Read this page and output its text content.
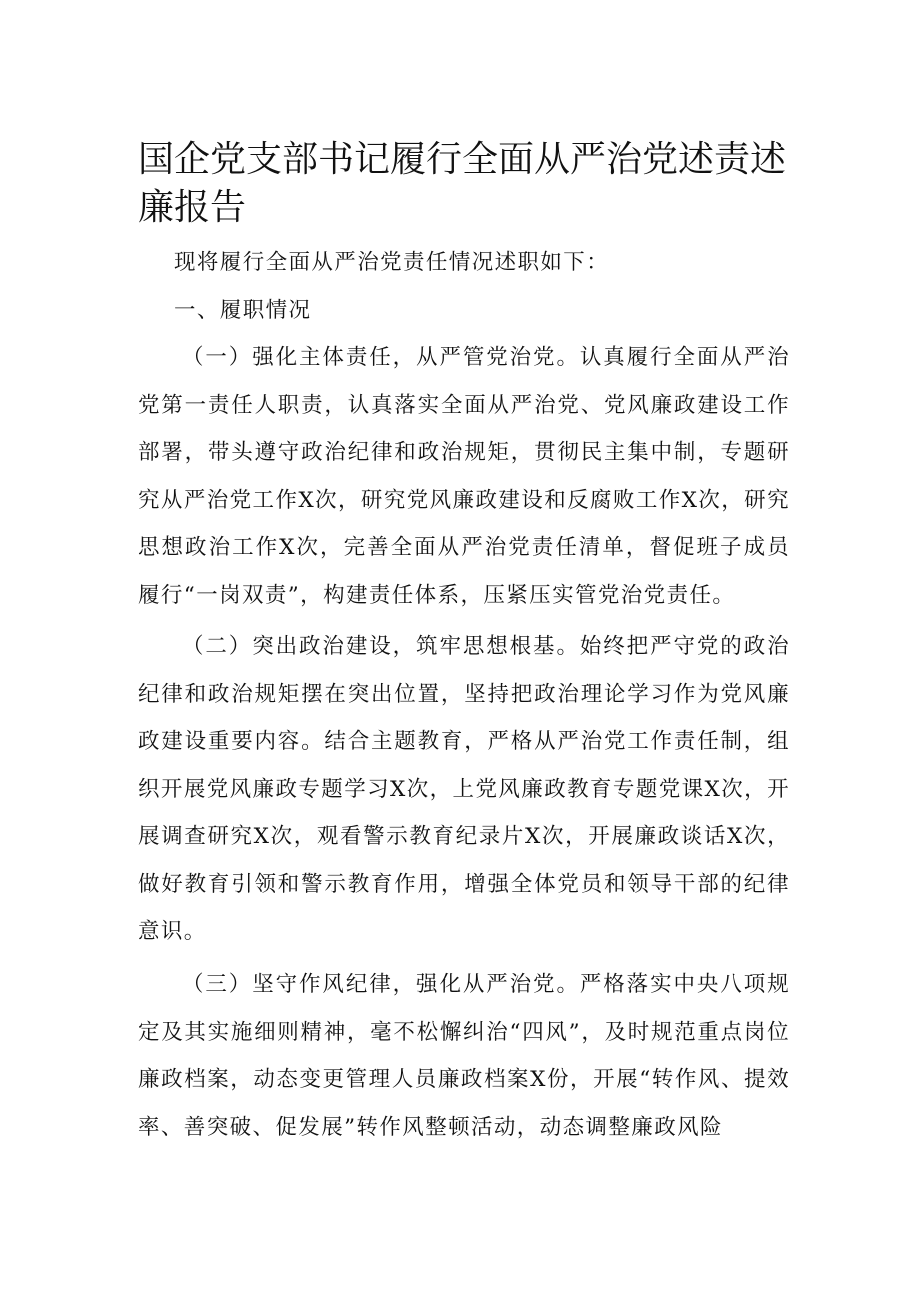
国企党支部书记履行全面从严治党述责述廉报告

现将履行全面从严治党责任情况述职如下：

一、履职情况

（一）强化主体责任，从严管党治党。认真履行全面从严治党第一责任人职责，认真落实全面从严治党、党风廉政建设工作部署，带头遵守政治纪律和政治规矩，贯彻民主集中制，专题研究从严治党工作X次，研究党风廉政建设和反腐败工作X次，研究思想政治工作X次，完善全面从严治党责任清单，督促班子成员履行“一岗双责”，构建责任体系，压紧压实管党治党责任。

（二）突出政治建设，筑牢思想根基。始终把严守党的政治纪律和政治规矩摆在突出位置，坚持把政治理论学习作为党风廉政建设重要内容。结合主题教育，严格从严治党工作责任制，组织开展党风廉政专题学习X次，上党风廉政教育专题党课X次，开展调查研究X次，观看警示教育纪录片X次，开展廉政谈话X次，做好教育引领和警示教育作用，增强全体党员和领导干部的纪律意识。

（三）坚守作风纪律，强化从严治党。严格落实中央八项规定及其实施细则精神，毫不松懈纠治“四风”，及时规范重点岗位廉政档案，动态变更管理人员廉政档案X份，开展“转作风、提效率、善突破、促发展”转作风整顿活动，动态调整廉政风险
